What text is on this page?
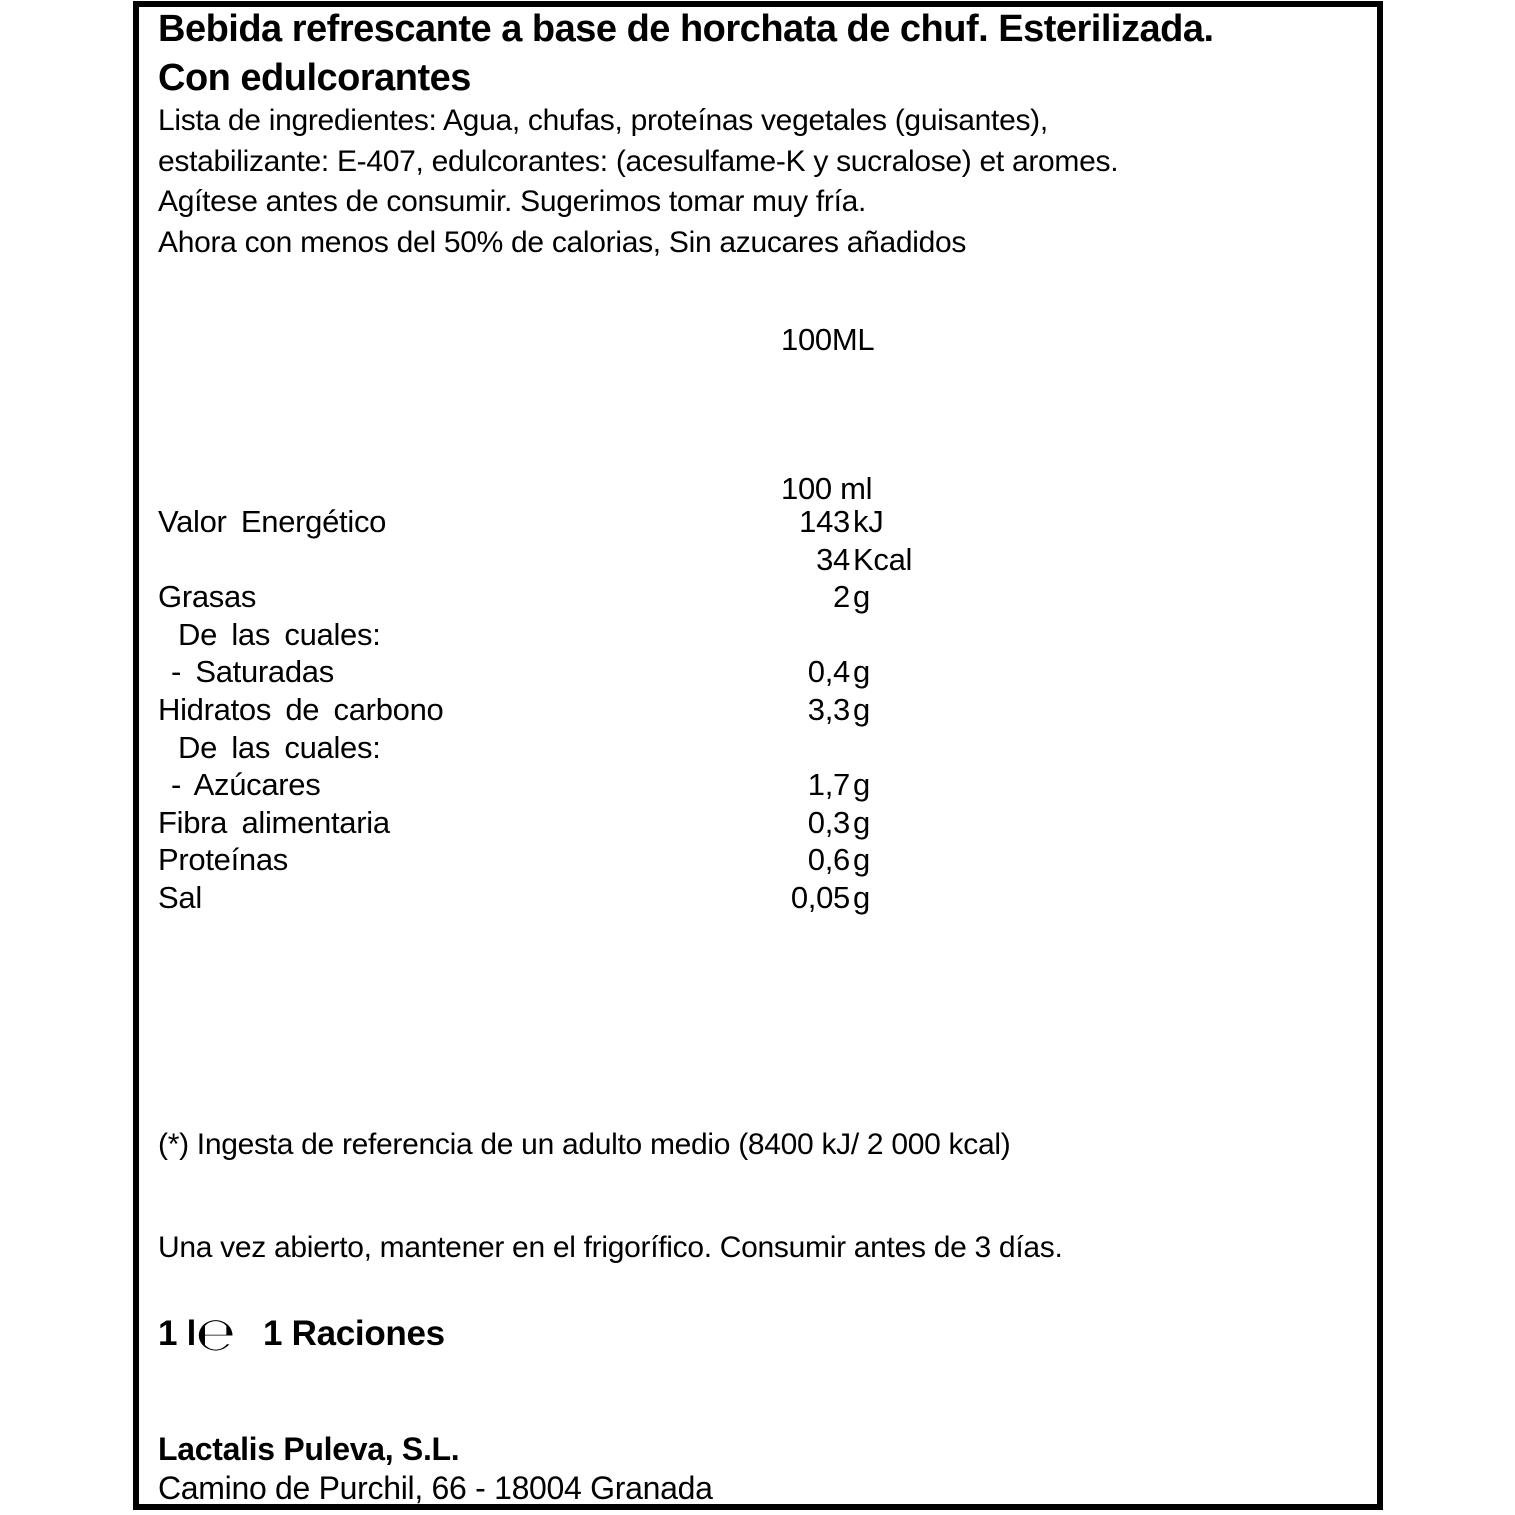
Bebida refrescante a base de horchata de chuf. Esterilizada.
Con edulcorantes
Lista de ingredientes: Agua, chufas, proteínas vegetales (guisantes),
estabilizante: E-407, edulcorantes: (acesulfame-K y sucralose) et aromes.
Agítese antes de consumir. Sugerimos tomar muy fría.
Ahora con menos del 50% de calorias, Sin azucares añadidos
100ML
100 ml
Valor Energético	143 kJ
34 Kcal
Grasas	2 g
De las cuales:
- Saturadas	0,4 g
Hidratos de carbono	3,3 g
De las cuales:
- Azúcares	1,7 g
Fibra alimentaria	0,3 g
Proteínas	0,6 g
Sal	0,05 g
(*) Ingesta de referencia de un adulto medio (8400 kJ/ 2 000 kcal)
Una vez abierto, mantener en el frigorífico. Consumir antes de 3 días.
1 l℮ 1 Raciones
Lactalis Puleva, S.L.
Camino de Purchil, 66 - 18004 Granada
